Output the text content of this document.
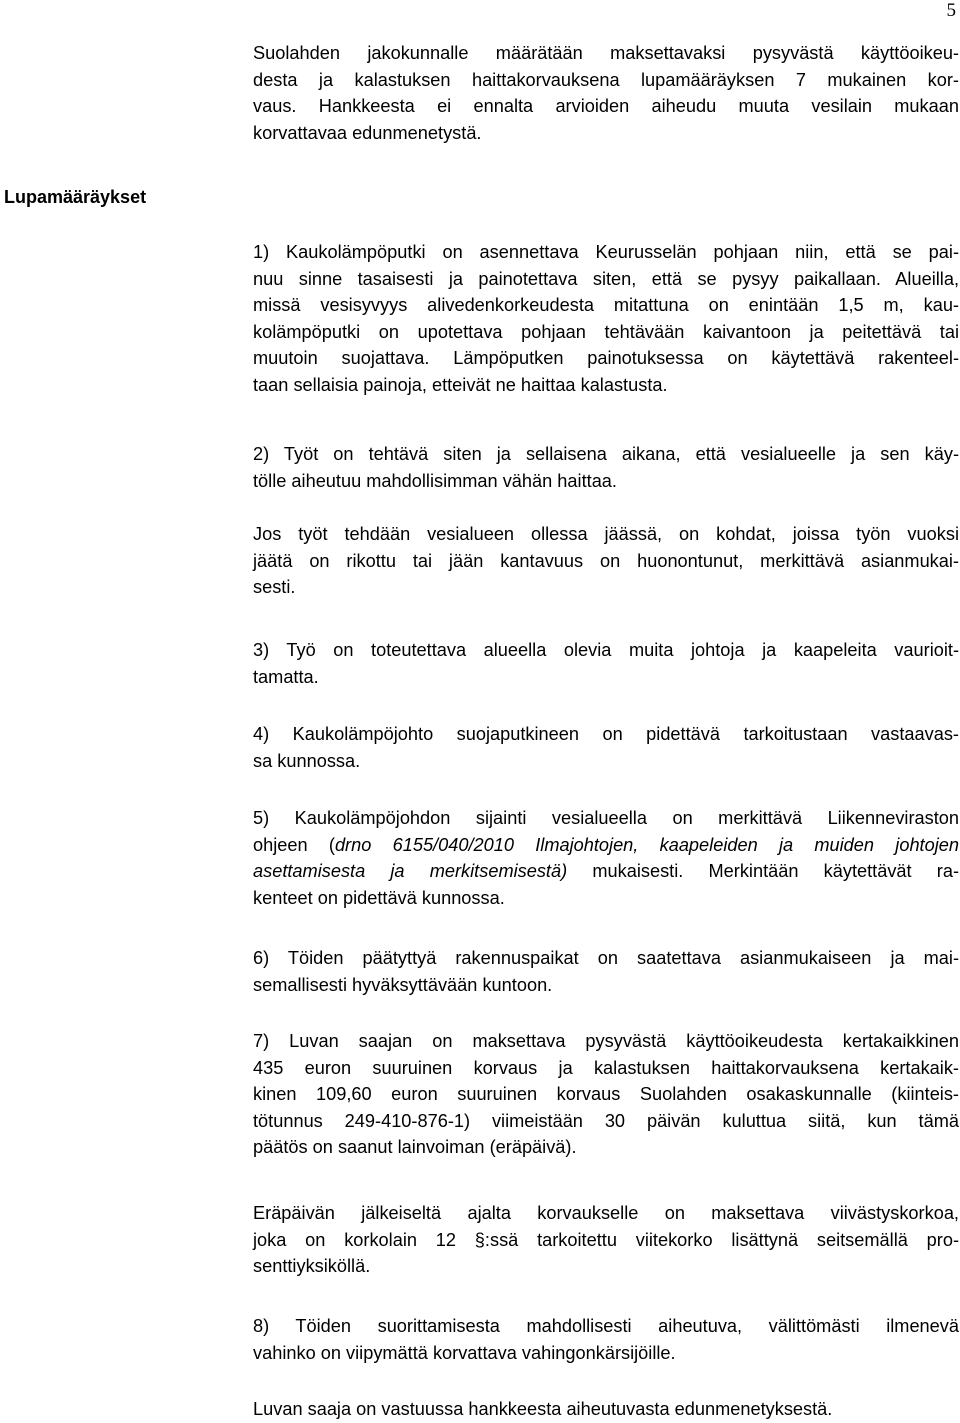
5
Lupamääräykset
Suolahden jakokunnalle määrätään maksettavaksi pysyvästä käyttöoikeu-
desta ja kalastuksen haittakorvauksena lupamääräyksen 7 mukainen kor-
vaus. Hankkeesta ei ennalta arvioiden aiheudu muuta vesilain mukaan
korvattavaa edunmenetystä.
1) Kaukolämpöputki on asennettava Keurusselän pohjaan niin, että se pai-
nuu sinne tasaisesti ja painotettava siten, että se pysyy paikallaan. Alueilla,
missä vesisyvyys alivedenkorkeudesta mitattuna on enintään 1,5 m, kau-
kolämpöputki on upotettava pohjaan tehtävään kaivantoon ja peitettävä tai
muutoin suojattava. Lämpöputken painotuksessa on käytettävä rakenteel-
taan sellaisia painoja, etteivät ne haittaa kalastusta.
2) Työt on tehtävä siten ja sellaisena aikana, että vesialueelle ja sen käy-
tölle aiheutuu mahdollisimman vähän haittaa.
Jos työt tehdään vesialueen ollessa jäässä, on kohdat, joissa työn vuoksi
jäätä on rikottu tai jään kantavuus on huonontunut, merkittävä asianmukai-
sesti.
3) Työ on toteutettava alueella olevia muita johtoja ja kaapeleita vaurioit-
tamatta.
4) Kaukolämpöjohto suojaputkineen on pidettävä tarkoitustaan vastaavas-
sa kunnossa.
5) Kaukolämpöjohdon sijainti vesialueella on merkittävä Liikenneviraston
ohjeen (drno 6155/040/2010 Ilmajohtojen, kaapeleiden ja muiden johtojen
asettamisesta ja merkitsemisestä) mukaisesti. Merkintään käytettävät ra-
kenteet on pidettävä kunnossa.
6) Töiden päätyttyä rakennuspaikat on saatettava asianmukaiseen ja mai-
semallisesti hyväksyttävään kuntoon.
7) Luvan saajan on maksettava pysyvästä käyttöoikeudesta kertakaikkinen
435 euron suuruinen korvaus ja kalastuksen haittakorvauksena kertakaik-
kinen 109,60 euron suuruinen korvaus Suolahden osakaskunnalle (kiinteis-
tötunnus 249-410-876-1) viimeistään 30 päivän kuluttua siitä, kun tämä
päätös on saanut lainvoiman (eräpäivä).
Eräpäivän jälkeiseltä ajalta korvaukselle on maksettava viivästyskorkoa,
joka on korkolain 12 §:ssä tarkoitettu viitekorko lisättynä seitsemällä pro-
senttiyksiköllä.
8) Töiden suorittamisesta mahdollisesti aiheutuva, välittömästi ilmenevä
vahinko on viipymättä korvattava vahingonkärsijöille.
Luvan saaja on vastuussa hankkeesta aiheutuvasta edunmenetyksestä.
